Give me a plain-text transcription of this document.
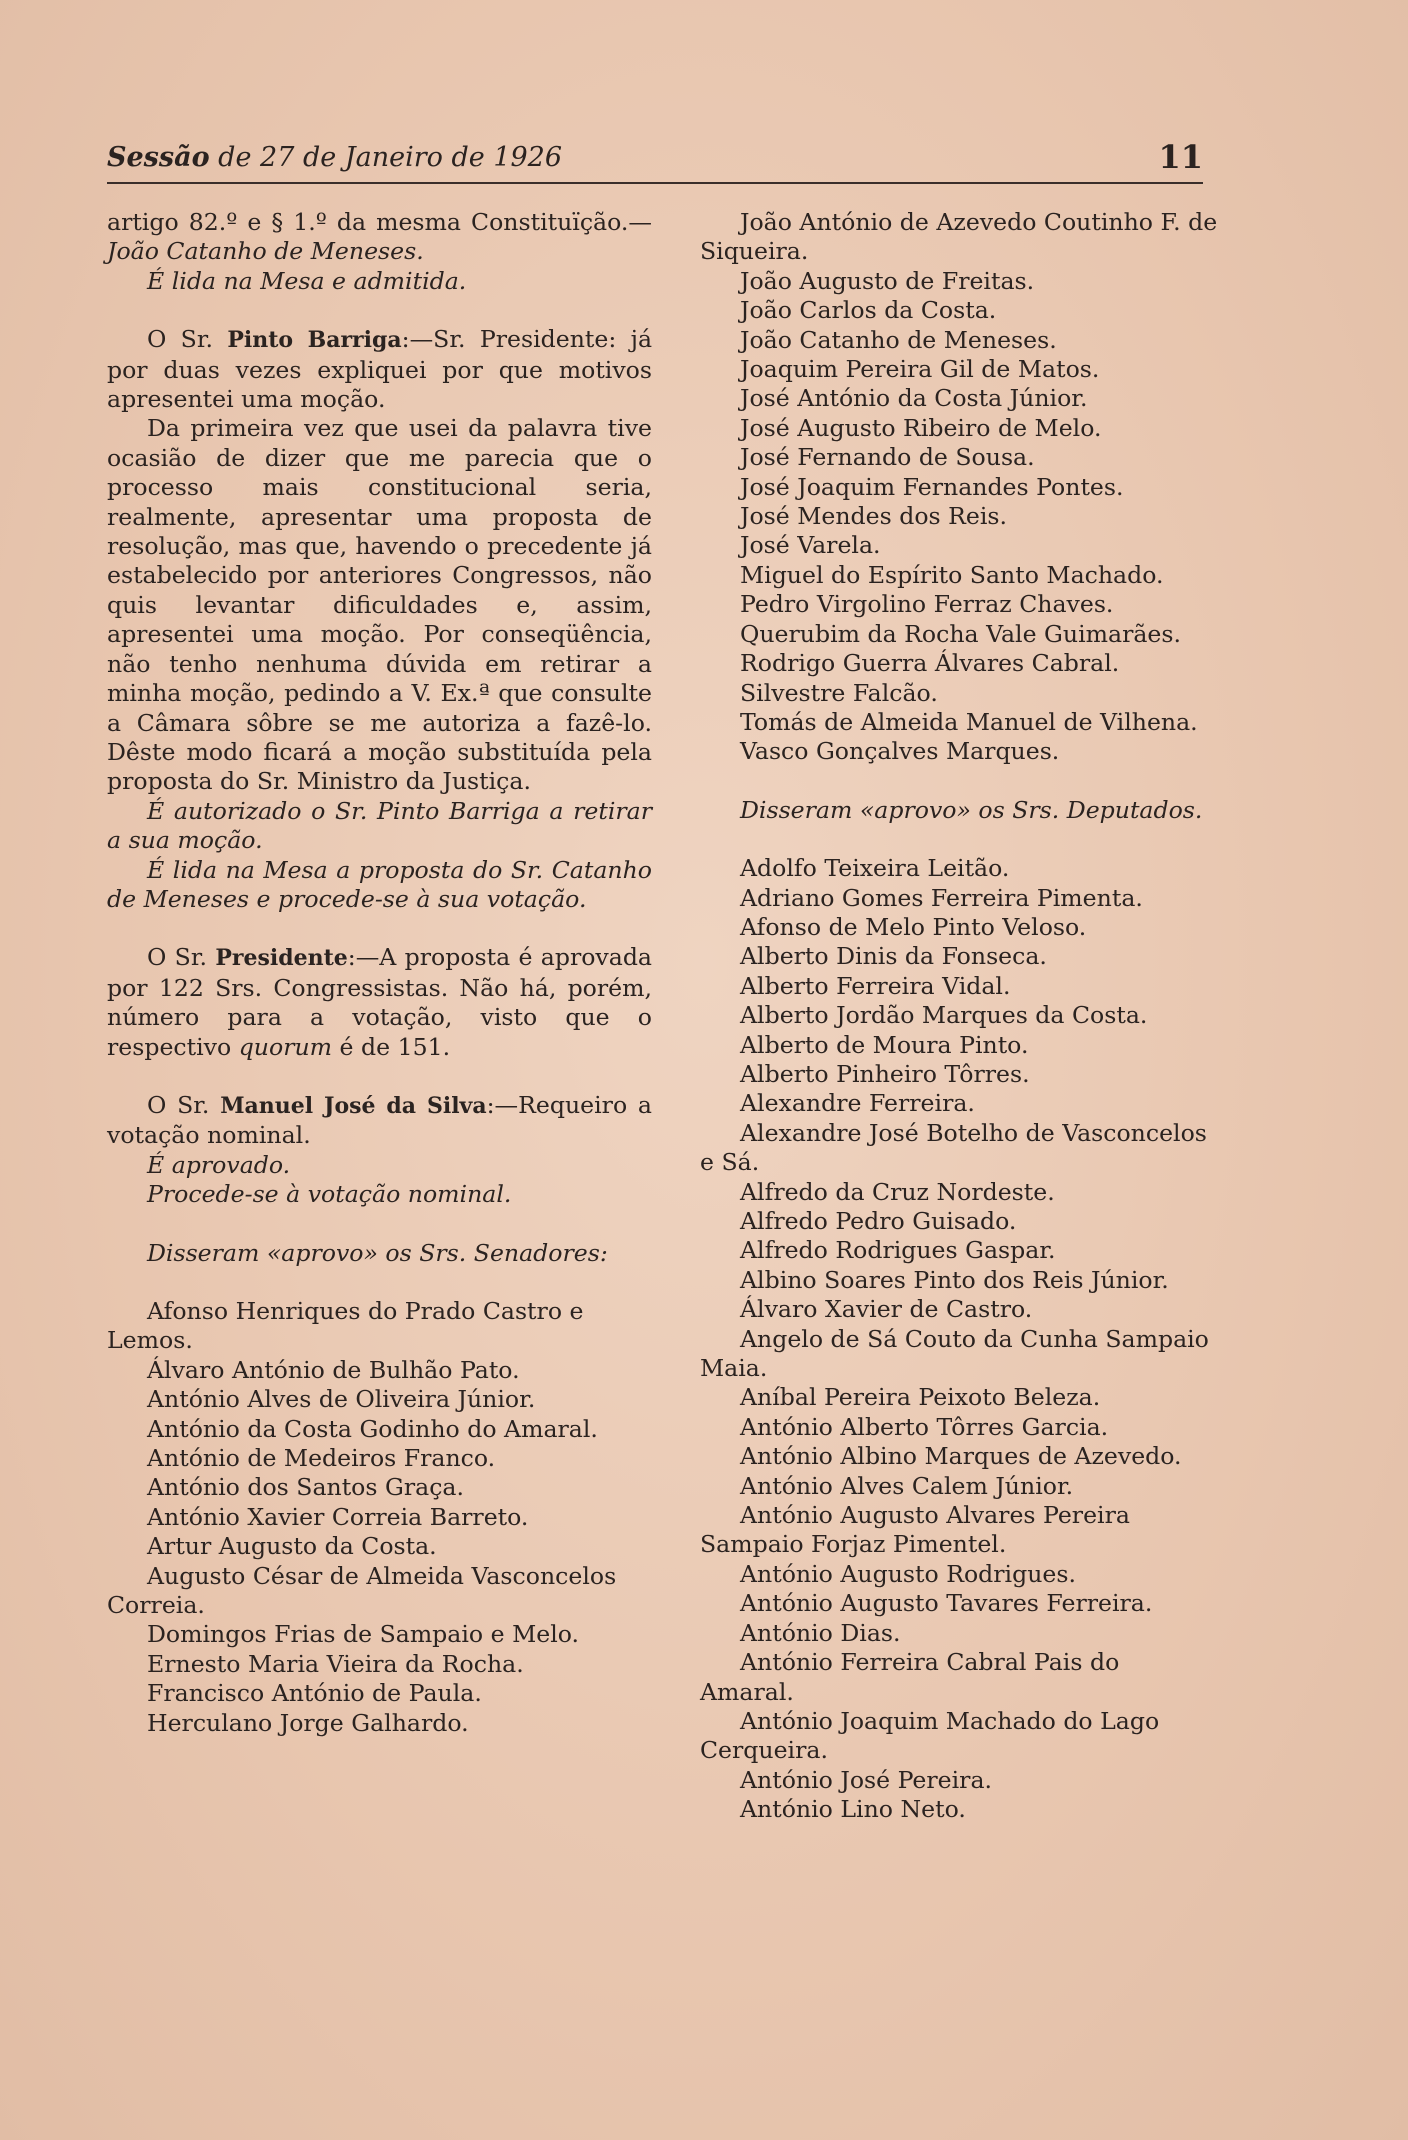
Sessão de 27 de Janeiro de 1926	11

artigo 82.º e § 1.º da mesma Constituïção.—João Catanho de Meneses.

É lida na Mesa e admitida.

O Sr. Pinto Barriga:—Sr. Presidente: já por duas vezes expliquei por que motivos apresentei uma moção.

Da primeira vez que usei da palavra tive ocasião de dizer que me parecia que o processo mais constitucional seria, realmente, apresentar uma proposta de resolução, mas que, havendo o precedente já estabelecido por anteriores Congressos, não quis levantar dificuldades e, assim, apresentei uma moção. Por conseqüência, não tenho nenhuma dúvida em retirar a minha moção, pedindo a V. Ex.ª que consulte a Câmara sôbre se me autoriza a fazê-lo. Dêste modo ficará a moção substituída pela proposta do Sr. Ministro da Justiça.

É autorizado o Sr. Pinto Barriga a retirar a sua moção.

É lida na Mesa a proposta do Sr. Catanho de Meneses e procede-se à sua votação.

O Sr. Presidente:—A proposta é aprovada por 122 Srs. Congressistas. Não há, porém, número para a votação, visto que o respectivo quorum é de 151.

O Sr. Manuel José da Silva:—Requeiro a votação nominal.

É aprovado.

Procede-se à votação nominal.

Disseram «aprovo» os Srs. Senadores:

Afonso Henriques do Prado Castro e Lemos.

Álvaro António de Bulhão Pato.

António Alves de Oliveira Júnior.

António da Costa Godinho do Amaral.

António de Medeiros Franco.

António dos Santos Graça.

António Xavier Correia Barreto.

Artur Augusto da Costa.

Augusto César de Almeida Vasconcelos Correia.

Domingos Frias de Sampaio e Melo.

Ernesto Maria Vieira da Rocha.

Francisco António de Paula.

Herculano Jorge Galhardo.

João António de Azevedo Coutinho F. de Siqueira.

João Augusto de Freitas.

João Carlos da Costa.

João Catanho de Meneses.

Joaquim Pereira Gil de Matos.

José António da Costa Júnior.

José Augusto Ribeiro de Melo.

José Fernando de Sousa.

José Joaquim Fernandes Pontes.

José Mendes dos Reis.

José Varela.

Miguel do Espírito Santo Machado.

Pedro Virgolino Ferraz Chaves.

Querubim da Rocha Vale Guimarães.

Rodrigo Guerra Álvares Cabral.

Silvestre Falcão.

Tomás de Almeida Manuel de Vilhena.

Vasco Gonçalves Marques.

Disseram «aprovo» os Srs. Deputados.

Adolfo Teixeira Leitão.

Adriano Gomes Ferreira Pimenta.

Afonso de Melo Pinto Veloso.

Alberto Dinis da Fonseca.

Alberto Ferreira Vidal.

Alberto Jordão Marques da Costa.

Alberto de Moura Pinto.

Alberto Pinheiro Tôrres.

Alexandre Ferreira.

Alexandre José Botelho de Vasconcelos e Sá.

Alfredo da Cruz Nordeste.

Alfredo Pedro Guisado.

Alfredo Rodrigues Gaspar.

Albino Soares Pinto dos Reis Júnior.

Álvaro Xavier de Castro.

Angelo de Sá Couto da Cunha Sampaio Maia.

Aníbal Pereira Peixoto Beleza.

António Alberto Tôrres Garcia.

António Albino Marques de Azevedo.

António Alves Calem Júnior.

António Augusto Alvares Pereira Sampaio Forjaz Pimentel.

António Augusto Rodrigues.

António Augusto Tavares Ferreira.

António Dias.

António Ferreira Cabral Pais do Amaral.

António Joaquim Machado do Lago Cerqueira.

António José Pereira.

António Lino Neto.
